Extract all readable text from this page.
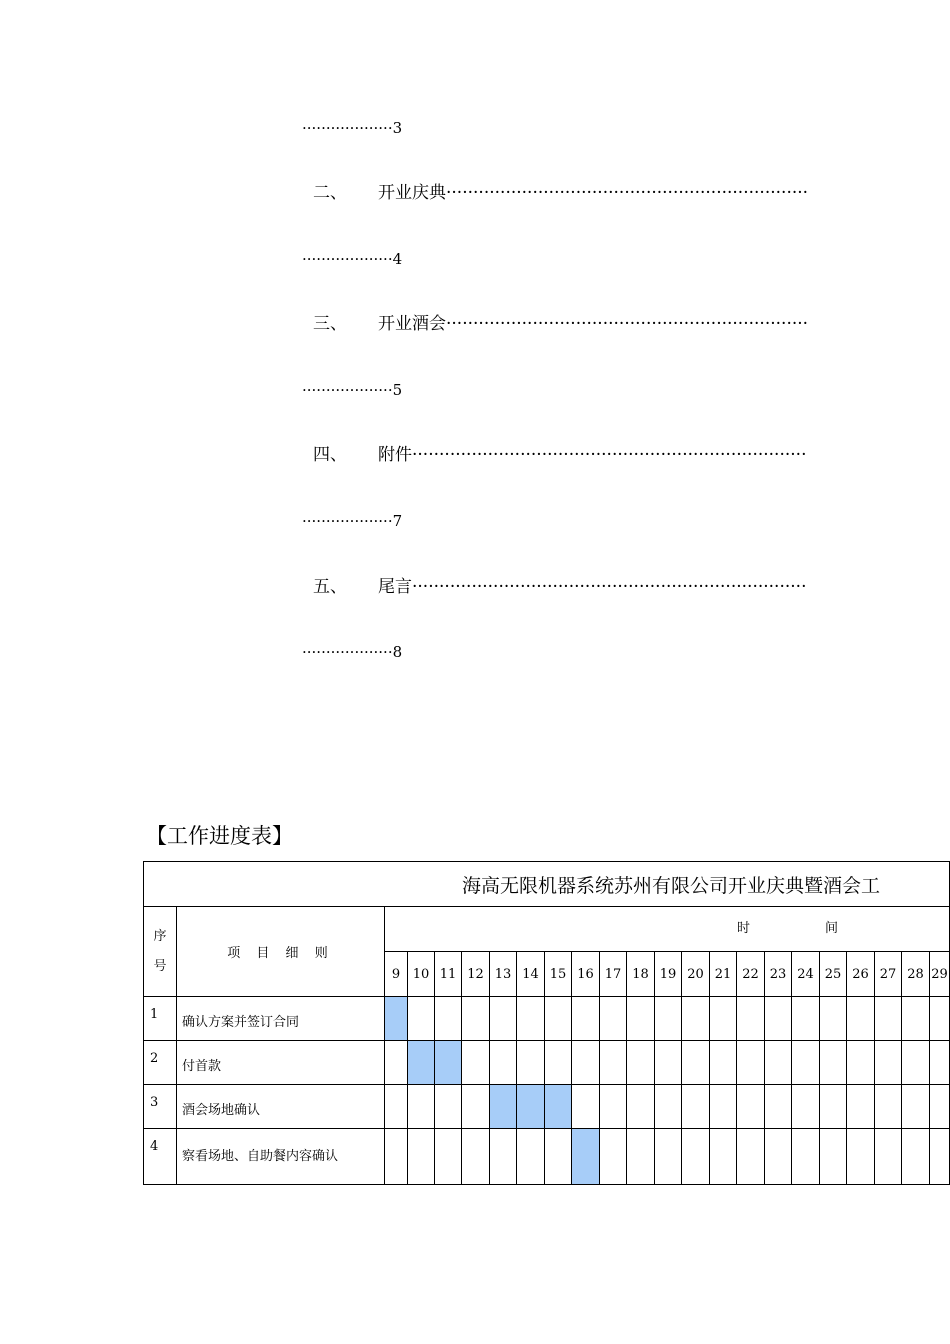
···················3
二、	开业庆典···································································
···················4
三、	开业酒会···································································
···················5
四、	附件·········································································
···················7
五、	尾言·········································································
···················8
【工作进度表】
海高无限机器系统苏州有限公司开业庆典暨酒会工																						
序号	项 目 细 则	时 间																				

		9	10	11	12	13	14	15	16	17	18	19	20	21	22	23	24	25	26	27	28	29
1	确认方案并签订合同																					
2	付首款																					
3	酒会场地确认																					
4	察看场地、自助餐内容确认																					
